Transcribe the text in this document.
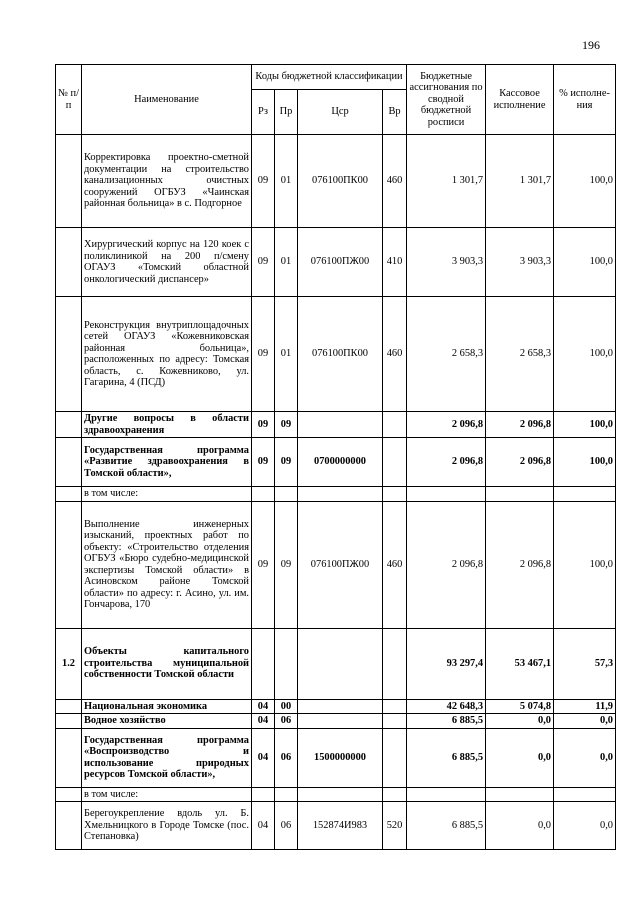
196
№ п/п	Наименование	Коды бюджетной классификации				Бюджетные ассигнования по сводной бюджетной росписи	Кассовое исполнение	% исполне-ния
		Рз	Пр	Цср	Вр			
	Корректировка проектно-сметной документации на строительство канализационных очистных сооружений ОГБУЗ «Чаинская районная больница» в с. Подгорное	09	01	076100ПК00	460	1 301,7	1 301,7	100,0
	Хирургический корпус на 120 коек с поликлиникой на 200 п/смену ОГАУЗ «Томский областной онкологический диспансер»	09	01	076100ПЖ00	410	3 903,3	3 903,3	100,0
	Реконструкция внутриплощадочных сетей ОГАУЗ «Кожевниковская районная больница», расположенных по адресу: Томская область, с. Кожевниково, ул. Гагарина, 4 (ПСД)	09	01	076100ПК00	460	2 658,3	2 658,3	100,0
	Другие вопросы в области здравоохранения	09	09			2 096,8	2 096,8	100,0
	Государственная программа «Развитие здравоохранения в Томской области»,	09	09	0700000000		2 096,8	2 096,8	100,0
	в том числе:							
	Выполнение инженерных изысканий, проектных работ по объекту: «Строительство отделения ОГБУЗ «Бюро судебно-медицинской экспертизы Томской области» в Асиновском районе Томской области» по адресу: г. Асино, ул. им. Гончарова, 170	09	09	076100ПЖ00	460	2 096,8	2 096,8	100,0
1.2	Объекты капитального строительства муниципальной собственности Томской области					93 297,4	53 467,1	57,3
	Национальная экономика	04	00			42 648,3	5 074,8	11,9
	Водное хозяйство	04	06			6 885,5	0,0	0,0
	Государственная программа «Воспроизводство и использование природных ресурсов Томской области»,	04	06	1500000000		6 885,5	0,0	0,0
	в том числе:							
	Берегоукрепление вдоль ул. Б. Хмельницкого в Городе Томске (пос. Степановка)	04	06	152874И983	520	6 885,5	0,0	0,0
